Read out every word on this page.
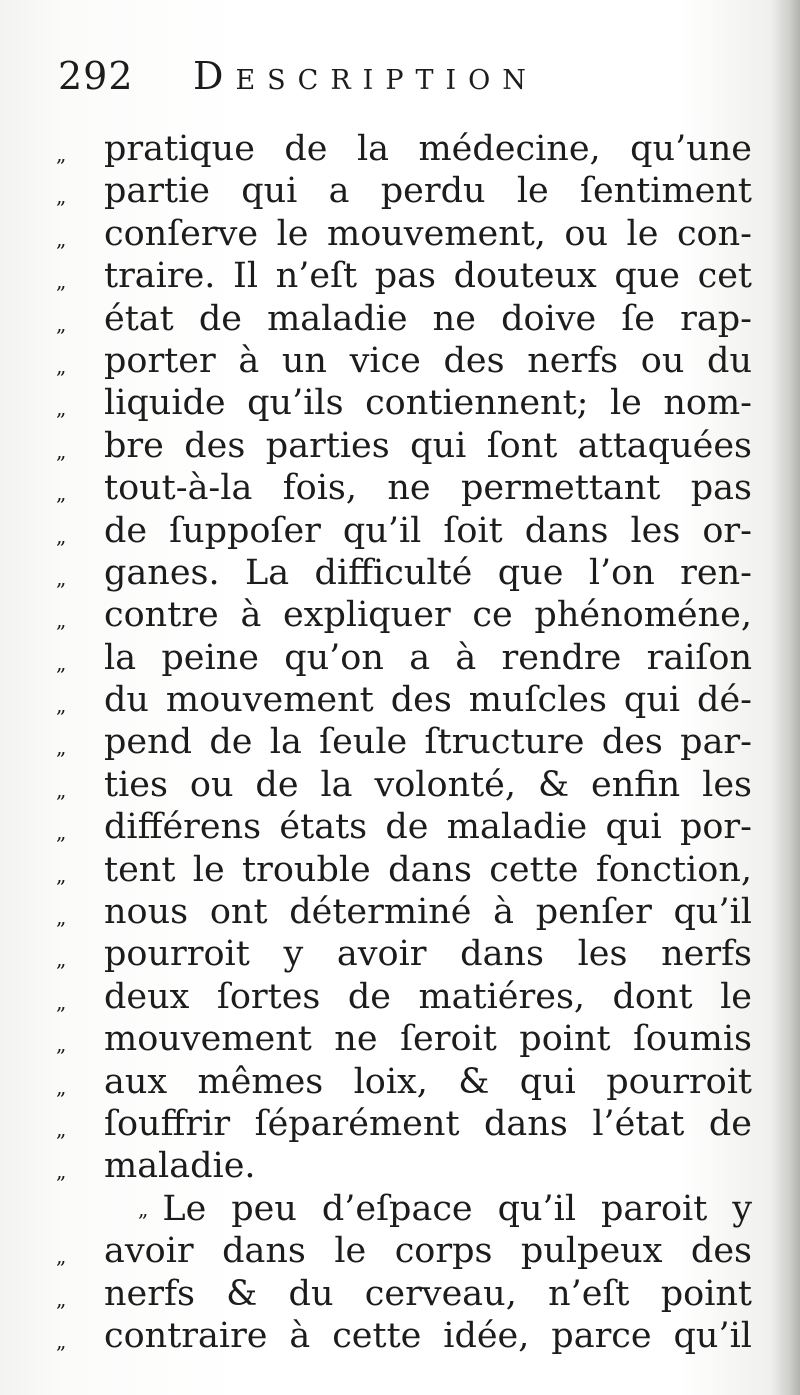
292 Description
„ pratique de la médecine, qu’une
„ partie qui a perdu le ſentiment
„ conſerve le mouvement, ou le con-
„ traire. Il n’eſt pas douteux que cet
„ état de maladie ne doive ſe rap-
„ porter à un vice des nerfs ou du
„ liquide qu’ils contiennent; le nom-
„ bre des parties qui ſont attaquées
„ tout-à-la fois, ne permettant pas
„ de ſuppoſer qu’il ſoit dans les or-
„ ganes. La difficulté que l’on ren-
„ contre à expliquer ce phénoméne,
„ la peine qu’on a à rendre raiſon
„ du mouvement des muſcles qui dé-
„ pend de la ſeule ſtructure des par-
„ ties ou de la volonté, & enfin les
„ différens états de maladie qui por-
„ tent le trouble dans cette fonction,
„ nous ont déterminé à penſer qu’il
„ pourroit y avoir dans les nerfs
„ deux ſortes de matiéres, dont le
„ mouvement ne ſeroit point ſoumis
„ aux mêmes loix, & qui pourroit
„ ſouffrir ſéparément dans l’état de
„ maladie.
„ Le peu d’eſpace qu’il paroit y
„ avoir dans le corps pulpeux des
„ nerfs & du cerveau, n’eſt point
„ contraire à cette idée, parce qu’il
